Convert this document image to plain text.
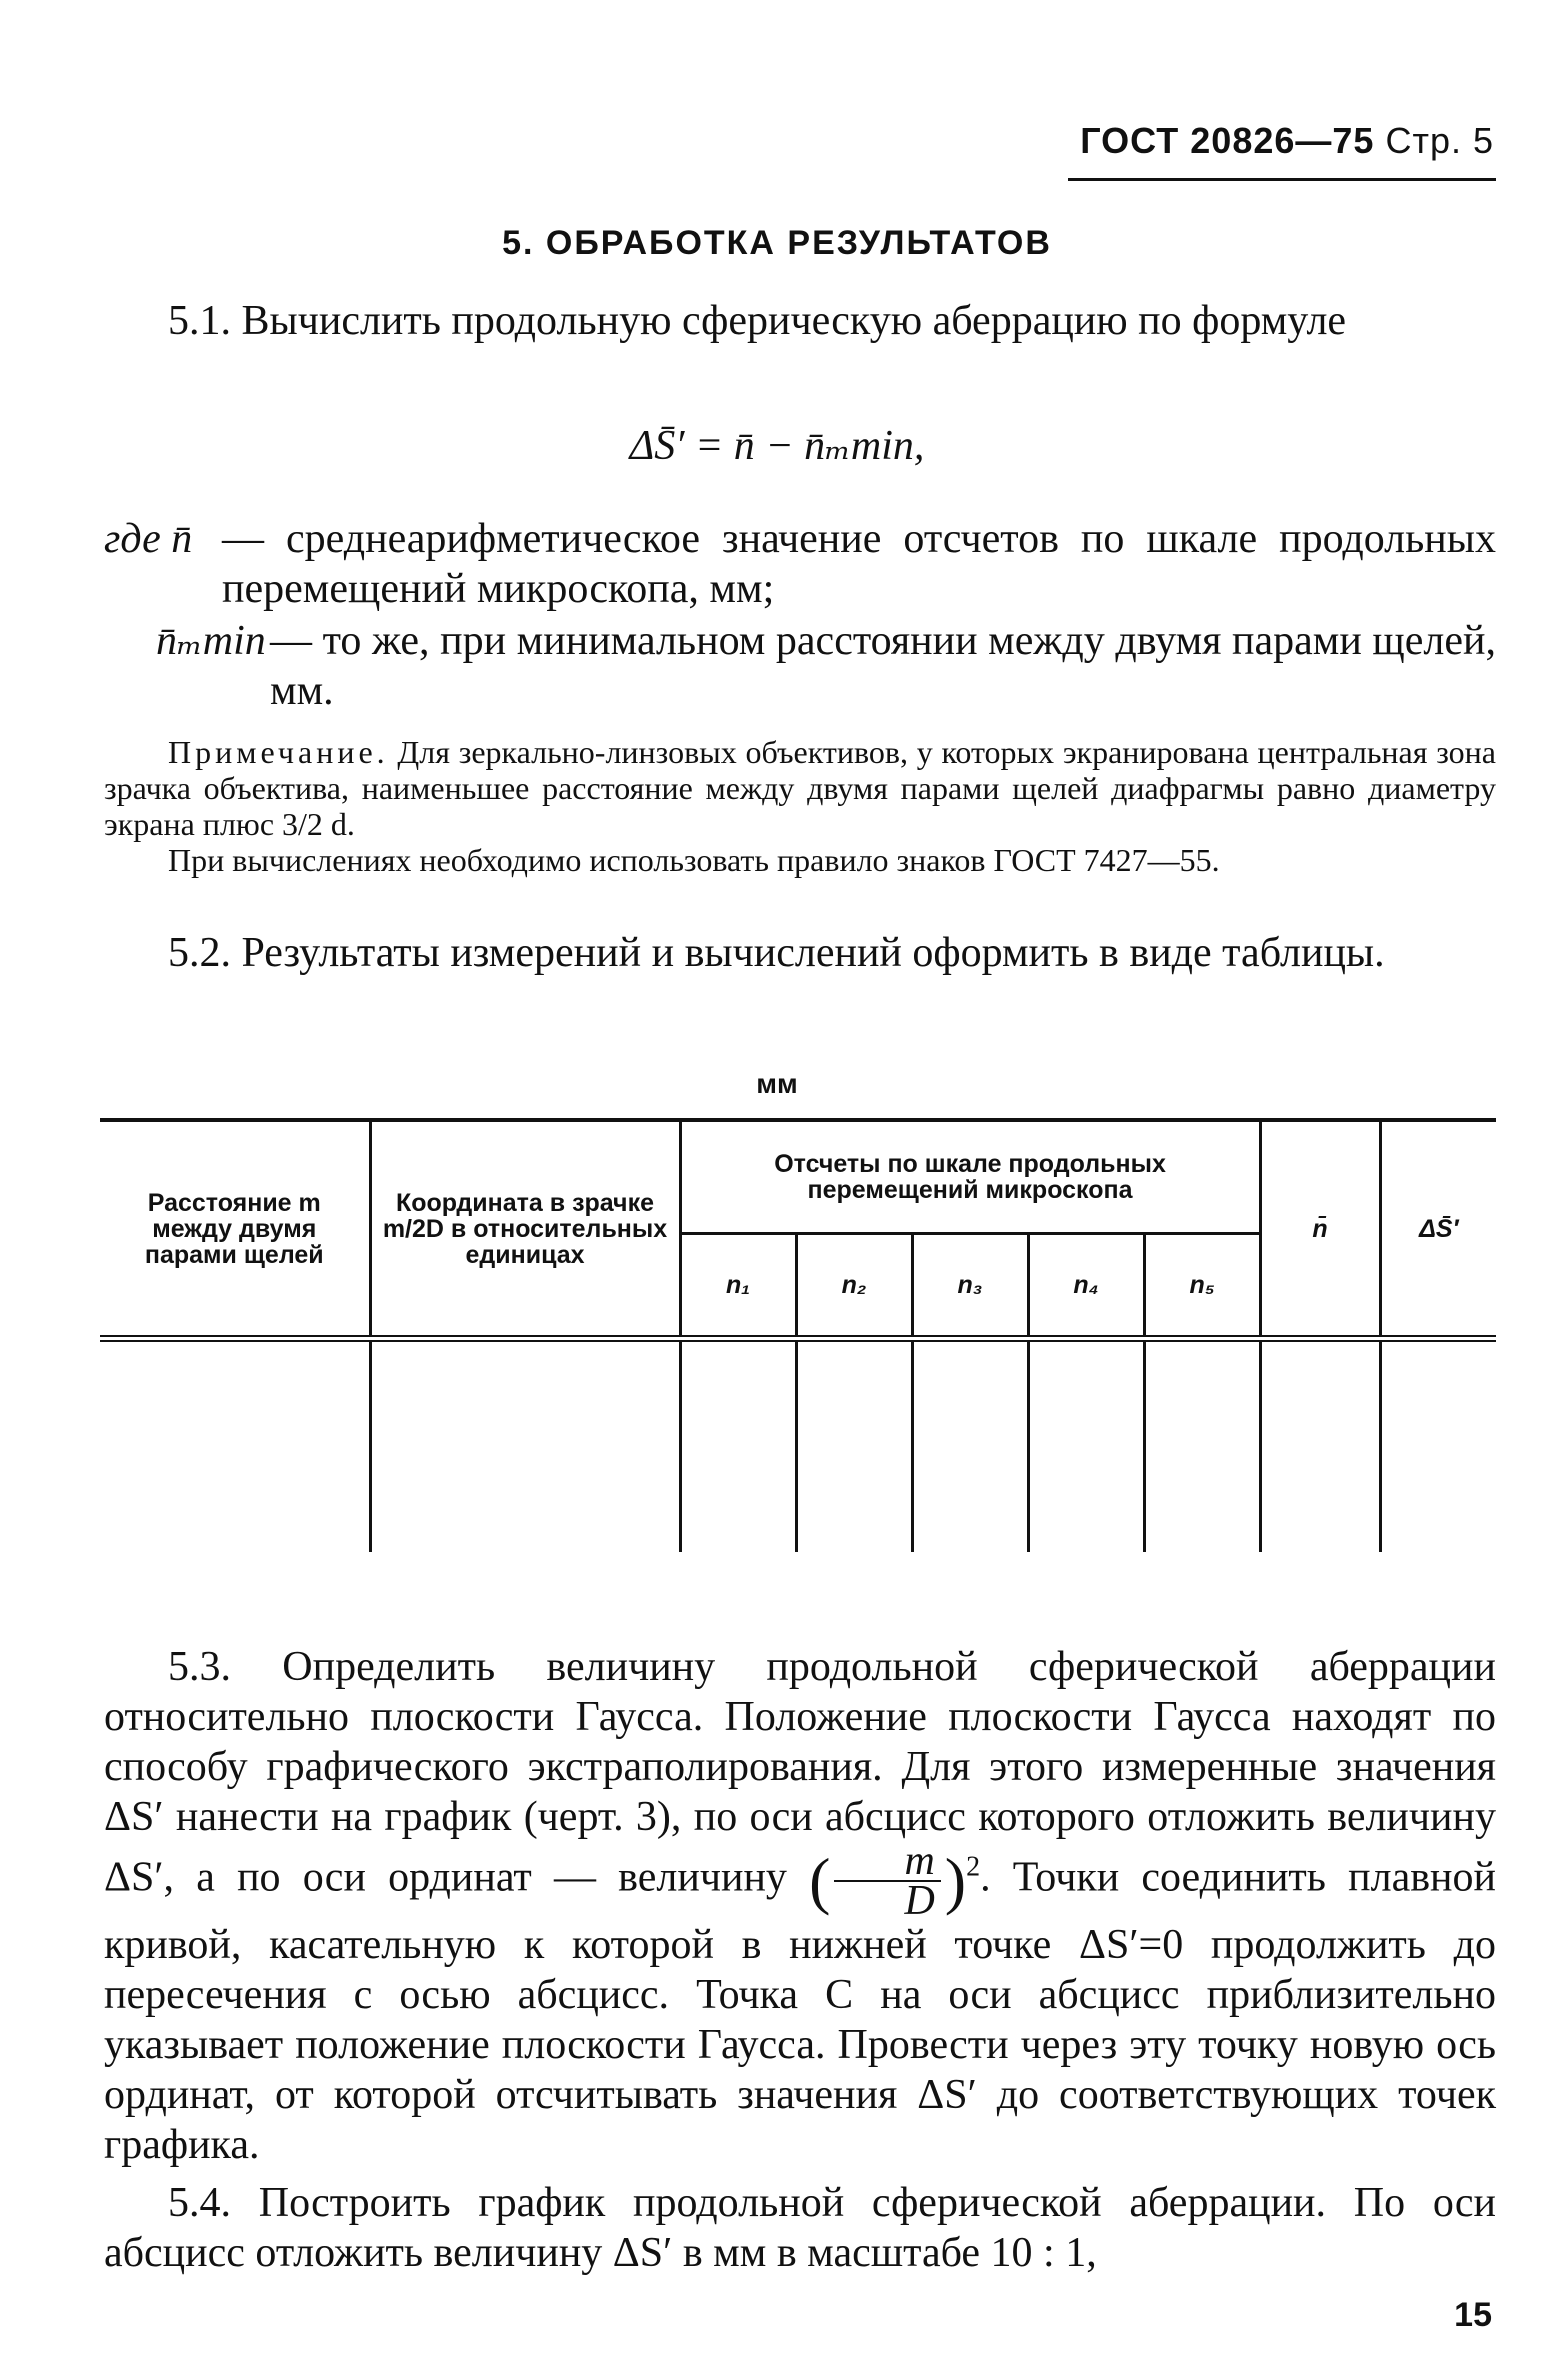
ГОСТ 20826—75 Стр. 5
5. ОБРАБОТКА РЕЗУЛЬТАТОВ
5.1. Вычислить продольную сферическую аберрацию по формуле
ΔS̄′ = n̄ − n̄ₘmin,
где n̄ — среднеарифметическое значение отсчетов по шкале продольных перемещений микроскопа, мм;
n̄ₘmin — то же, при минимальном расстоянии между двумя парами щелей, мм.
Примечание. Для зеркально-линзовых объективов, у которых экранирована центральная зона зрачка объектива, наименьшее расстояние между двумя парами щелей диафрагмы равно диаметру экрана плюс 3/2 d.
При вычислениях необходимо использовать правило знаков ГОСТ 7427—55.
5.2. Результаты измерений и вычислений оформить в виде таблицы.
мм
Расстояние m между двумя парами щелей	Координата в зрачке m/2D в относительных единицах	Отсчеты по шкале продольных перемещений микроскопа					n̄	ΔS̄′
		n₁	n₂	n₃	n₄	n₅		

5.3. Определить величину продольной сферической аберрации относительно плоскости Гаусса. Положение плоскости Гаусса находят по способу графического экстраполирования. Для этого измеренные значения ΔS′ нанести на график (черт. 3), по оси абсцисс которого отложить величину ΔS′, а по оси ординат — величину ( $\frac{m}{D} )^2$. Точки соединить плавной кривой, касательную к которой в нижней точке ΔS′=0 продолжить до пересечения с осью абсцисс. Точка C на оси абсцисс приблизительно указывает положение плоскости Гаусса. Провести через эту точку новую ось ординат, от которой отсчитывать значения ΔS′ до соответствующих точек графика.
5.4. Построить график продольной сферической аберрации. По оси абсцисс отложить величину ΔS′ в мм в масштабе 10 : 1,
15
